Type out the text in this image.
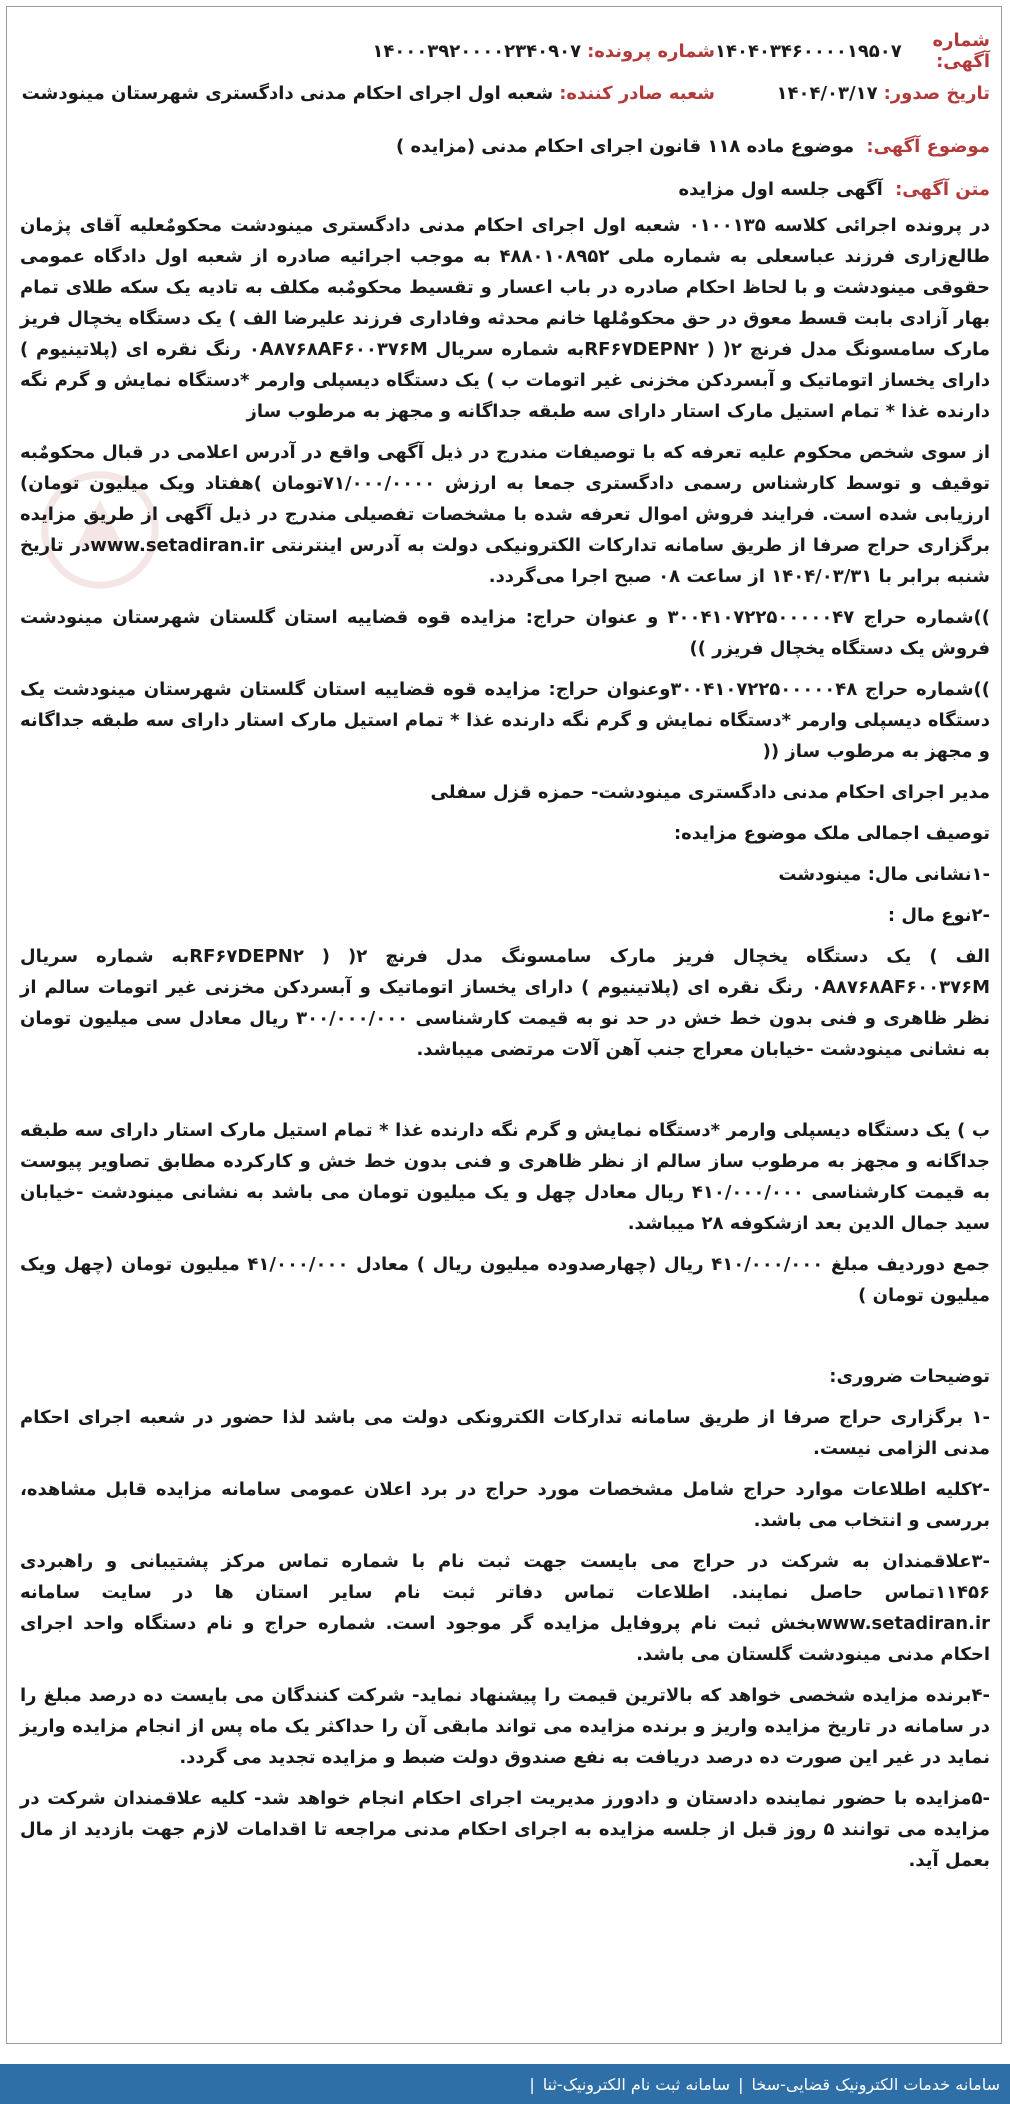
شماره آگهی:
۱۴۰۴۰۳۴۶۰۰۰۰۱۹۵۰۷
شماره پرونده:
۱۴۰۰۰۳۹۲۰۰۰۰۲۳۴۰۹۰۷
تاریخ صدور:
۱۴۰۴/۰۳/۱۷
شعبه صادر کننده:
شعبه اول اجرای احکام مدنی دادگستری شهرستان مینودشت
موضوع آگهی: موضوع ماده ۱۱۸ قانون اجرای احکام مدنی (مزایده )
متن آگهی: آگهی جلسه اول مزایده

در پرونده اجرائی کلاسه ۰۱۰۰۱۳۵ شعبه اول اجرای احکام مدنی دادگستری مینودشت محکومٌعلیه آقای پژمان طالع‌زاری فرزند عباسعلی به شماره ملی ۴۸۸۰۱۰۸۹۵۲ به موجب اجرائیه صادره از شعبه اول دادگاه عمومی حقوقی مینودشت و با لحاظ احکام صادره در باب اعسار و تقسیط محکومٌبه مکلف به تادیه یک سکه طلای تمام بهار آزادی بابت قسط معوق در حق محکومٌلها خانم محدثه وفاداری فرزند علیرضا الف ) یک دستگاه یخچال فریز مارک سامسونگ مدل فرنچ ۲( ( RF۶۷DEPN۲به شماره سریال ۰A۸۷۶۸AF۶۰۰۳۷۶M رنگ نقره ای (پلاتینیوم ) دارای یخساز اتوماتیک و آبسردکن مخزنی غیر اتومات ب ) یک دستگاه دیسپلی وارمر *دستگاه نمایش و گرم نگه دارنده غذا * تمام استیل مارک استار دارای سه طبقه جداگانه و مجهز به مرطوب ساز

از سوی شخص محکوم علیه تعرفه که با توصیفات مندرج در ذیل آگهی واقع در آدرس اعلامی در قبال محکومٌبه توقیف و توسط کارشناس رسمی دادگستری جمعا به ارزش ۷۱/۰۰۰/۰۰۰۰تومان )هفتاد ویک میلیون تومان) ارزیابی شده است. فرایند فروش اموال تعرفه شده با مشخصات تفصیلی مندرج در ذیل آگهی از طریق مزایده برگزاری حراج صرفا از طریق سامانه تدارکات الکترونیکی دولت به آدرس اینترنتی www.setadiran.irدر تاریخ شنبه برابر با ۱۴۰۴/۰۳/۳۱ از ساعت ۰۸ صبح اجرا می‌گردد.

))شماره حراج ۳۰۰۴۱۰۷۲۲۵۰۰۰۰۰۴۷ و عنوان حراج: مزایده قوه قضاییه استان گلستان شهرستان مینودشت فروش یک دستگاه یخچال فریزر ))

))شماره حراج ۳۰۰۴۱۰۷۲۲۵۰۰۰۰۰۴۸وعنوان حراج: مزایده قوه قضاییه استان گلستان شهرستان مینودشت یک دستگاه دیسپلی وارمر *دستگاه نمایش و گرم نگه دارنده غذا * تمام استیل مارک استار دارای سه طبقه جداگانه و مجهز به مرطوب ساز ((

مدیر اجرای احکام مدنی دادگستری مینودشت- حمزه قزل سفلی

توصیف اجمالی ملک موضوع مزایده:

-۱نشانی مال: مینودشت

-۲نوع مال :

الف ) یک دستگاه یخچال فریز مارک سامسونگ مدل فرنچ ۲( ( RF۶۷DEPN۲به شماره سریال ۰A۸۷۶۸AF۶۰۰۳۷۶M رنگ نقره ای (پلاتینیوم ) دارای یخساز اتوماتیک و آبسردکن مخزنی غیر اتومات سالم از نظر ظاهری و فنی بدون خط خش در حد نو به قیمت کارشناسی ۳۰۰/۰۰۰/۰۰۰ ریال معادل سی میلیون تومان به نشانی مینودشت -خیابان معراج جنب آهن آلات مرتضی میباشد.

ب ) یک دستگاه دیسپلی وارمر *دستگاه نمایش و گرم نگه دارنده غذا * تمام استیل مارک استار دارای سه طبقه جداگانه و مجهز به مرطوب ساز سالم از نظر ظاهری و فنی بدون خط خش و کارکرده مطابق تصاویر پیوست به قیمت کارشناسی ۴۱۰/۰۰۰/۰۰۰ ریال معادل چهل و یک میلیون تومان می باشد به نشانی مینودشت -خیابان سید جمال الدین بعد ازشکوفه ۲۸ میباشد.

جمع دوردیف مبلغ ۴۱۰/۰۰۰/۰۰۰ ریال (چهارصدوده میلیون ریال ) معادل ۴۱/۰۰۰/۰۰۰ میلیون تومان (چهل ویک میلیون تومان )

توضیحات ضروری:

-۱ برگزاری حراج صرفا از طریق سامانه تدارکات الکترونکی دولت می باشد لذا حضور در شعبه اجرای احکام مدنی الزامی نیست.

-۲کلیه اطلاعات موارد حراج شامل مشخصات مورد حراج در برد اعلان عمومی سامانه مزایده قابل مشاهده، بررسی و انتخاب می باشد.

-۳علاقمندان به شرکت در حراج می بایست جهت ثبت نام با شماره تماس مرکز پشتیبانی و راهبردی ۱۱۴۵۶تماس حاصل نمایند. اطلاعات تماس دفاتر ثبت نام سایر استان ها در سایت سامانه www.setadiran.irبخش ثبت نام پروفایل مزایده گر موجود است. شماره حراج و نام دستگاه واحد اجرای احکام مدنی مینودشت گلستان می باشد.

-۴برنده مزایده شخصی خواهد که بالاترین قیمت را پیشنهاد نماید- شرکت کنندگان می بایست ده درصد مبلغ را در سامانه در تاریخ مزایده واریز و برنده مزایده می تواند مابقی آن را حداکثر یک ماه پس از انجام مزایده واریز نماید در غیر این صورت ده درصد دریافت به نفع صندوق دولت ضبط و مزایده تجدید می گردد.

-۵مزایده با حضور نماینده دادستان و دادورز مدیریت اجرای احکام انجام خواهد شد- کلیه علاقمندان شرکت در مزایده می توانند ۵ روز قبل از جلسه مزایده به اجرای احکام مدنی مراجعه تا اقدامات لازم جهت بازدید از مال بعمل آید.

سامانه خدمات الکترونیک قضایی-سخا
|
سامانه ثبت نام الکترونیک-ثنا
|
